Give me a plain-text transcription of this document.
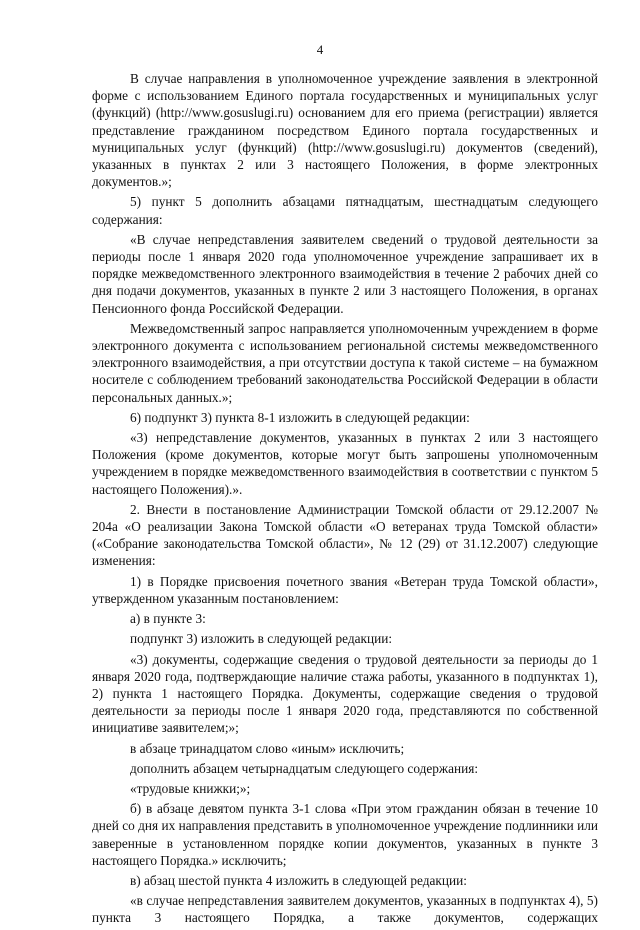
4

В случае направления в уполномоченное учреждение заявления в электронной форме с использованием Единого портала государственных и муниципальных услуг (функций) (http://www.gosuslugi.ru) основанием для его приема (регистрации) является представление гражданином посредством Единого портала государственных и муниципальных услуг (функций) (http://www.gosuslugi.ru) документов (сведений), указанных в пунктах 2 или 3 настоящего Положения, в форме электронных документов.»;

5) пункт 5 дополнить абзацами пятнадцатым, шестнадцатым следующего содержания:

«В случае непредставления заявителем сведений о трудовой деятельности за периоды после 1 января 2020 года уполномоченное учреждение запрашивает их в порядке межведомственного электронного взаимодействия в течение 2 рабочих дней со дня подачи документов, указанных в пункте 2 или 3 настоящего Положения, в органах Пенсионного фонда Российской Федерации.

Межведомственный запрос направляется уполномоченным учреждением в форме электронного документа с использованием региональной системы межведомственного электронного взаимодействия, а при отсутствии доступа к такой системе – на бумажном носителе с соблюдением требований законодательства Российской Федерации в области персональных данных.»;

6) подпункт 3) пункта 8-1 изложить в следующей редакции:

«3) непредставление документов, указанных в пунктах 2 или 3 настоящего Положения (кроме документов, которые могут быть запрошены уполномоченным учреждением в порядке межведомственного взаимодействия в соответствии с пунктом 5 настоящего Положения).».

2. Внести в постановление Администрации Томской области от 29.12.2007 № 204а «О реализации Закона Томской области «О ветеранах труда Томской области» («Собрание законодательства Томской области», № 12 (29) от 31.12.2007) следующие изменения:

1) в Порядке присвоения почетного звания «Ветеран труда Томской области», утвержденном указанным постановлением:

а) в пункте 3:

подпункт 3) изложить в следующей редакции:

«3) документы, содержащие сведения о трудовой деятельности за периоды до 1 января 2020 года, подтверждающие наличие стажа работы, указанного в подпунктах 1), 2) пункта 1 настоящего Порядка. Документы, содержащие сведения о трудовой деятельности за периоды после 1 января 2020 года, представляются по собственной инициативе заявителем;»;

в абзаце тринадцатом слово «иным» исключить;

дополнить абзацем четырнадцатым следующего содержания:

«трудовые книжки;»;

б) в абзаце девятом пункта 3-1 слова «При этом гражданин обязан в течение 10 дней со дня их направления представить в уполномоченное учреждение подлинники или заверенные в установленном порядке копии документов, указанных в пункте 3 настоящего Порядка.» исключить;

в) абзац шестой пункта 4 изложить в следующей редакции:

«в случае непредставления заявителем документов, указанных в подпунктах 4), 5) пункта 3 настоящего Порядка, а также документов, содержащих
